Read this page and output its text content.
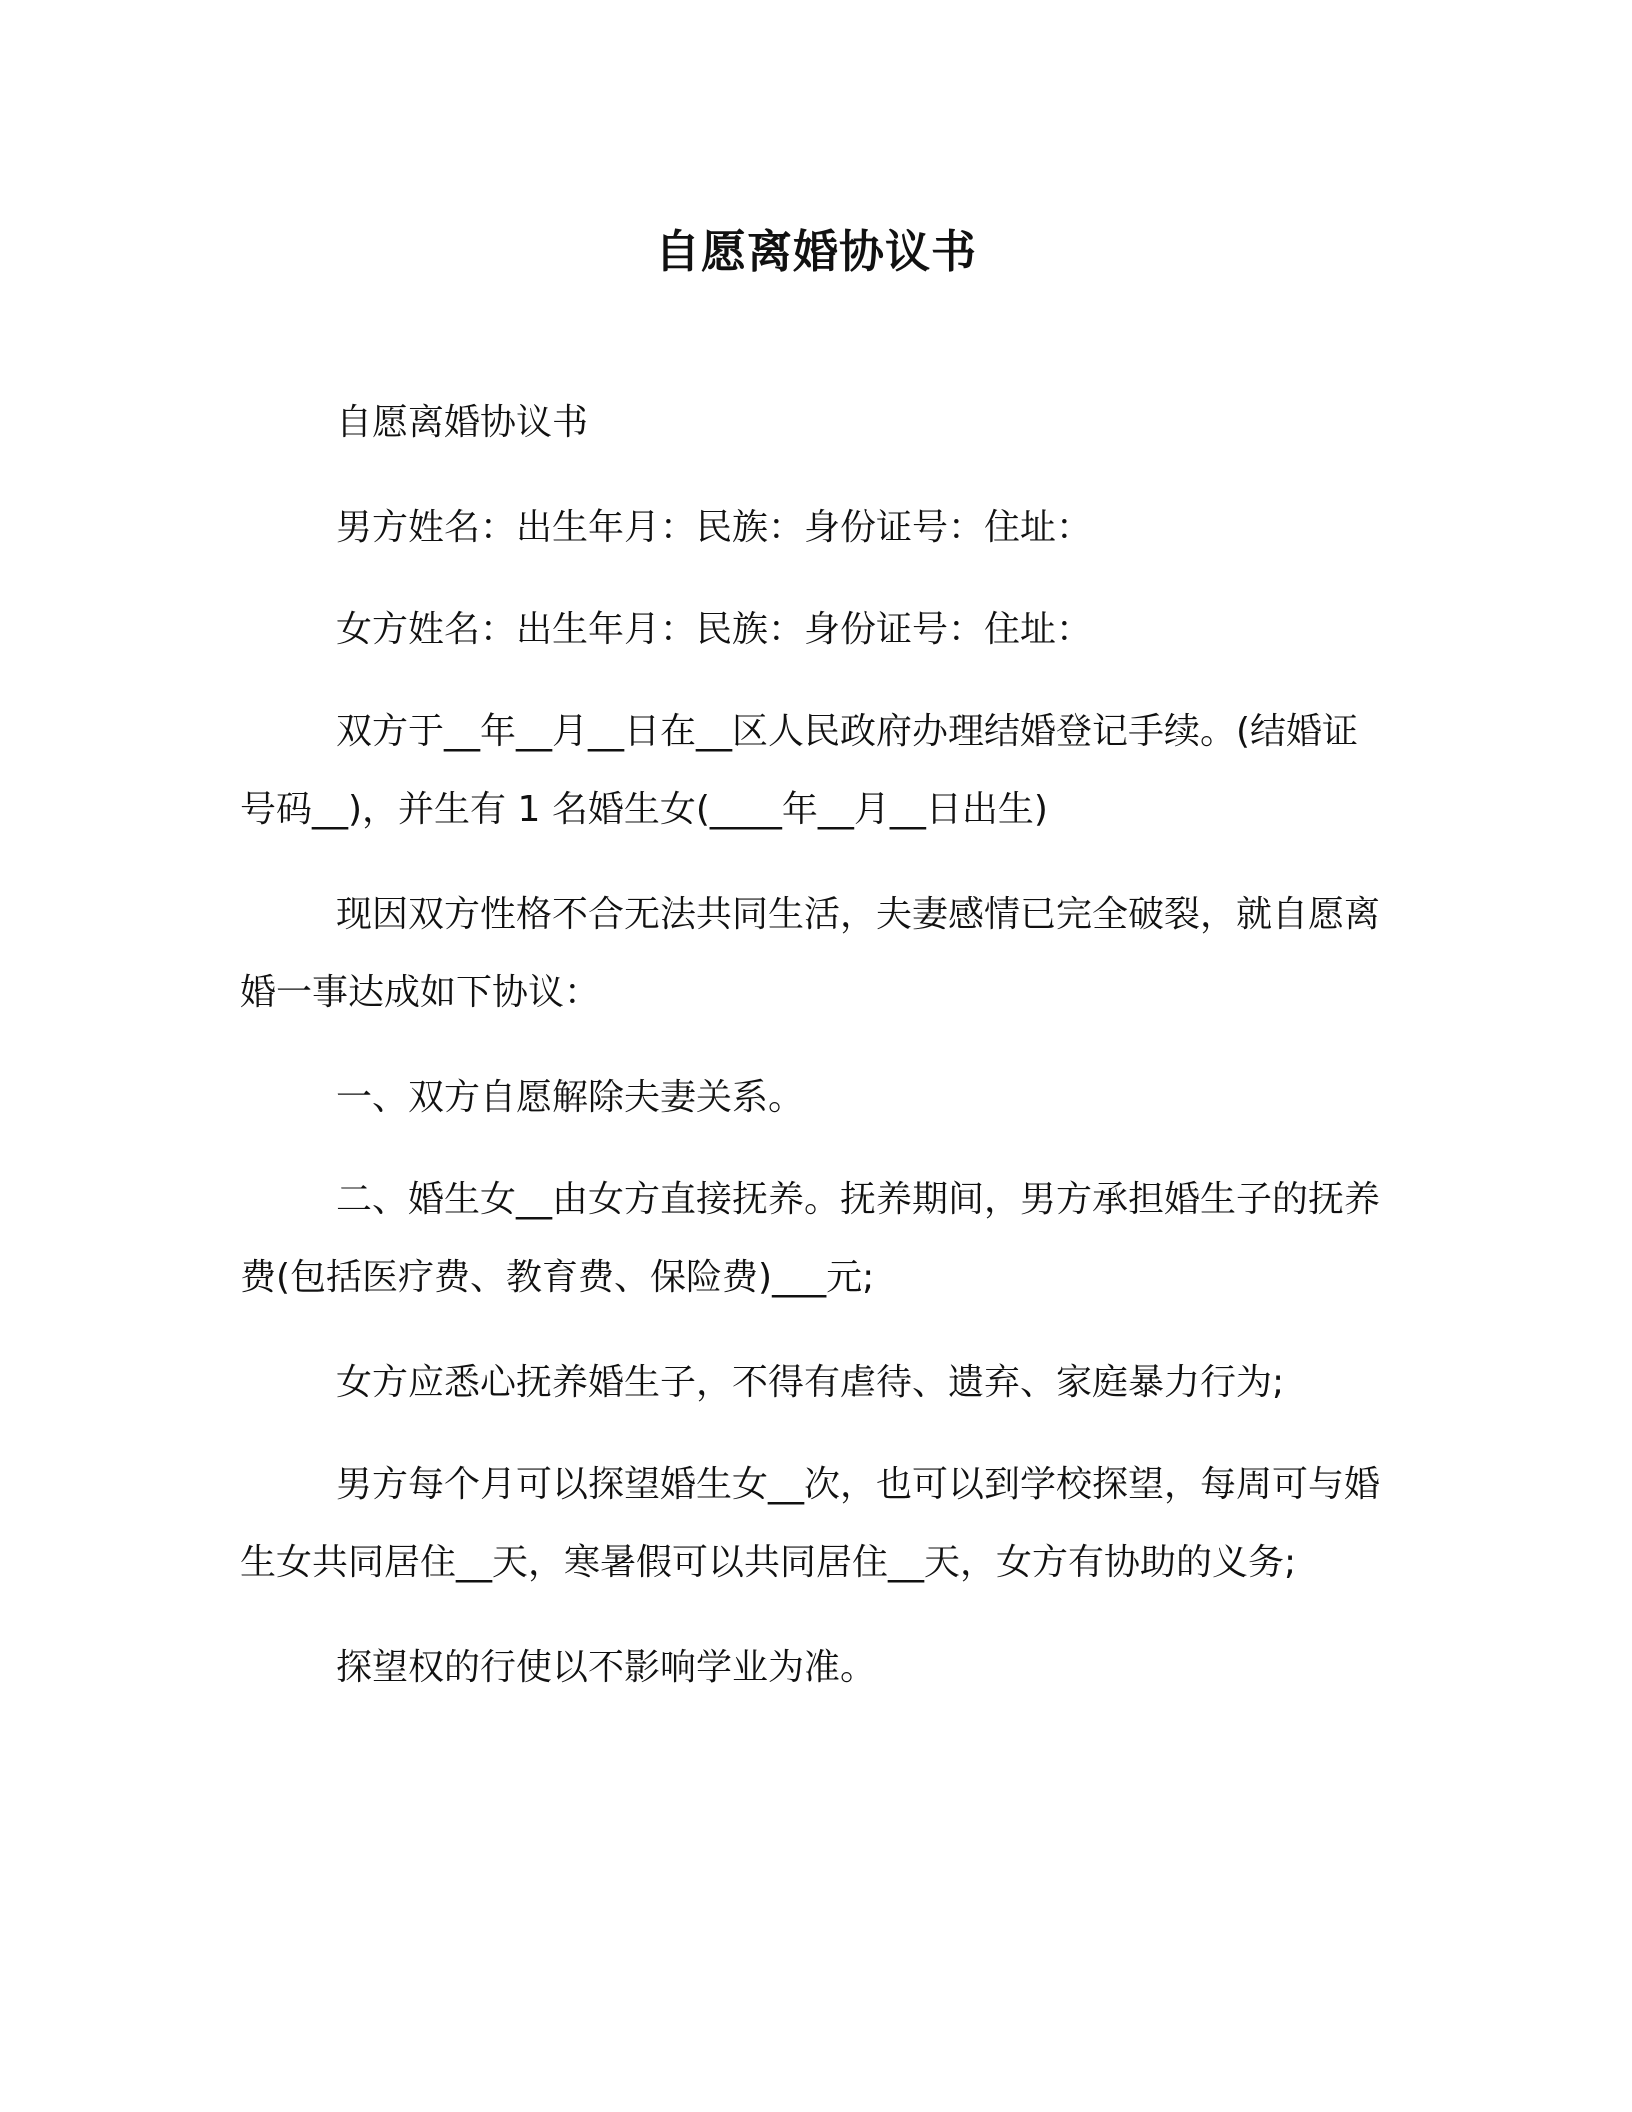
自愿离婚协议书
自愿离婚协议书
男方姓名：出生年月：民族：身份证号：住址：
女方姓名：出生年月：民族：身份证号：住址：
双方于__年__月__日在__区人民政府办理结婚登记手续。(结婚证号码__)，并生有 1 名婚生女(____年__月__日出生)
现因双方性格不合无法共同生活，夫妻感情已完全破裂，就自愿离婚一事达成如下协议：
一、双方自愿解除夫妻关系。
二、婚生女__由女方直接抚养。抚养期间，男方承担婚生子的抚养费(包括医疗费、教育费、保险费)___元;
女方应悉心抚养婚生子，不得有虐待、遗弃、家庭暴力行为;
男方每个月可以探望婚生女__次，也可以到学校探望，每周可与婚生女共同居住__天，寒暑假可以共同居住__天，女方有协助的义务;
探望权的行使以不影响学业为准。
